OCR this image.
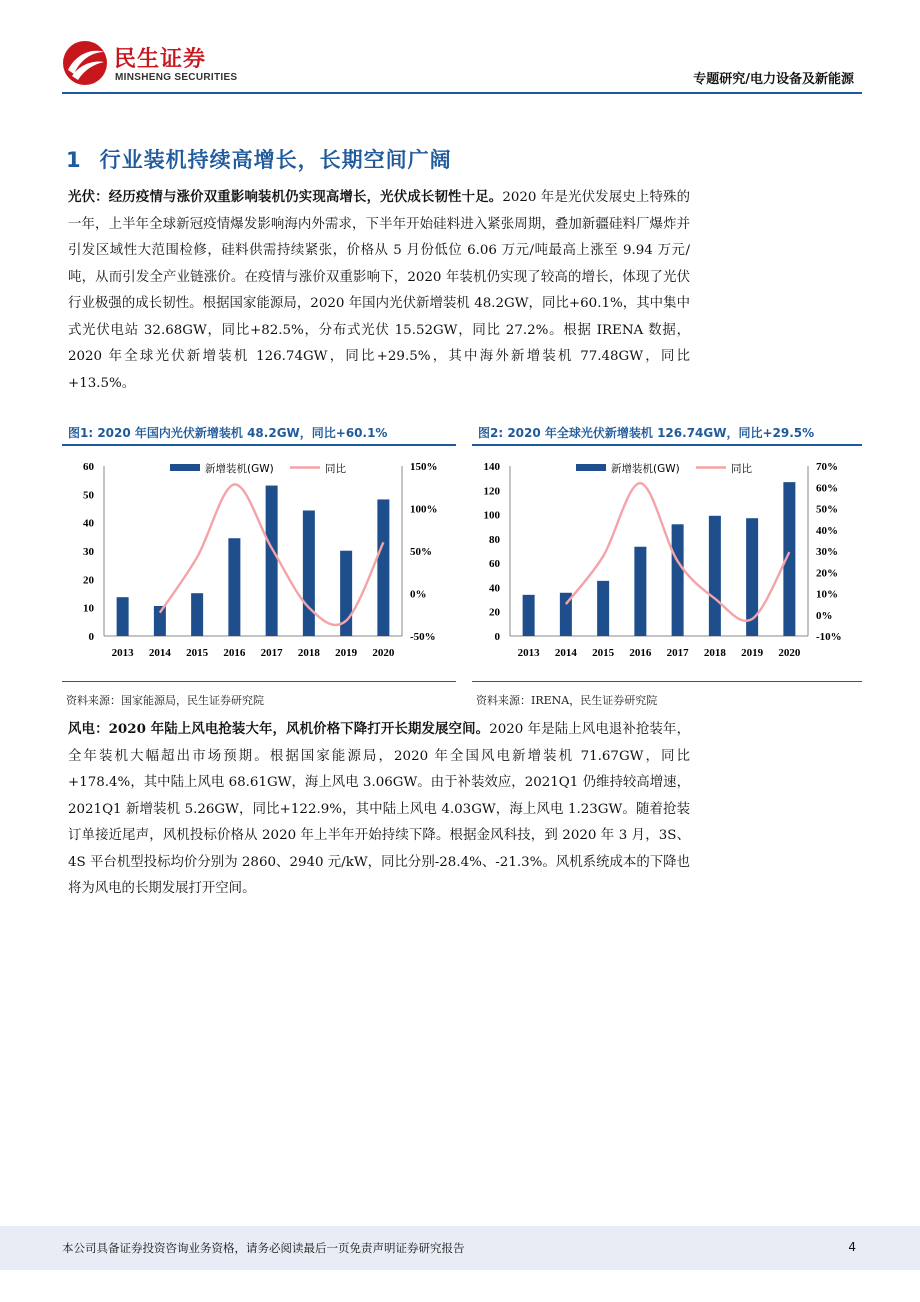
民生证券
MINSHENG SECURITIES	专题研究/电力设备及新能源
1 行业装机持续高增长，长期空间广阔
光伏：经历疫情与涨价双重影响装机仍实现高增长，光伏成长韧性十足。2020 年是光伏发展史上特殊的一年，上半年全球新冠疫情爆发影响海内外需求，下半年开始硅料进入紧张周期，叠加新疆硅料厂爆炸并引发区域性大范围检修，硅料供需持续紧张，价格从 5 月份低位 6.06 万元/吨最高上涨至 9.94 万元/吨，从而引发全产业链涨价。在疫情与涨价双重影响下，2020 年装机仍实现了较高的增长，体现了光伏行业极强的成长韧性。根据国家能源局，2020 年国内光伏新增装机 48.2GW，同比+60.1%，其中集中式光伏电站 32.68GW，同比+82.5%，分布式光伏 15.52GW，同比 27.2%。根据 IRENA 数据，2020 年全球光伏新增装机 126.74GW，同比+29.5%，其中海外新增装机 77.48GW，同比+13.5%。
图1: 2020 年国内光伏新增装机 48.2GW，同比+60.1%
0
10
20
30
40
50
60
-50%
0%
50%
100%
150%
2013 2014 2015 2016 2017 2018 2019 2020
新增装机(GW)	同比
资料来源：国家能源局，民生证券研究院
图2: 2020 年全球光伏新增装机 126.74GW，同比+29.5%
0
20
40
60
80
100
120
140
-10%
0%
10%
20%
30%
40%
50%
60%
70%
2013 2014 2015 2016 2017 2018 2019 2020
新增装机(GW)	同比
资料来源：IRENA，民生证券研究院
风电：2020 年陆上风电抢装大年，风机价格下降打开长期发展空间。2020 年是陆上风电退补抢装年，全年装机大幅超出市场预期。根据国家能源局，2020 年全国风电新增装机 71.67GW，同比+178.4%，其中陆上风电 68.61GW，海上风电 3.06GW。由于补装效应，2021Q1 仍维持较高增速，2021Q1 新增装机 5.26GW，同比+122.9%，其中陆上风电 4.03GW，海上风电 1.23GW。随着抢装订单接近尾声，风机投标价格从 2020 年上半年开始持续下降。根据金风科技，到 2020 年 3 月，3S、4S 平台机型投标均价分别为 2860、2940 元/kW，同比分别-28.4%、-21.3%。风机系统成本的下降也将为风电的长期发展打开空间。
本公司具备证券投资咨询业务资格，请务必阅读最后一页免责声明证券研究报告	4
